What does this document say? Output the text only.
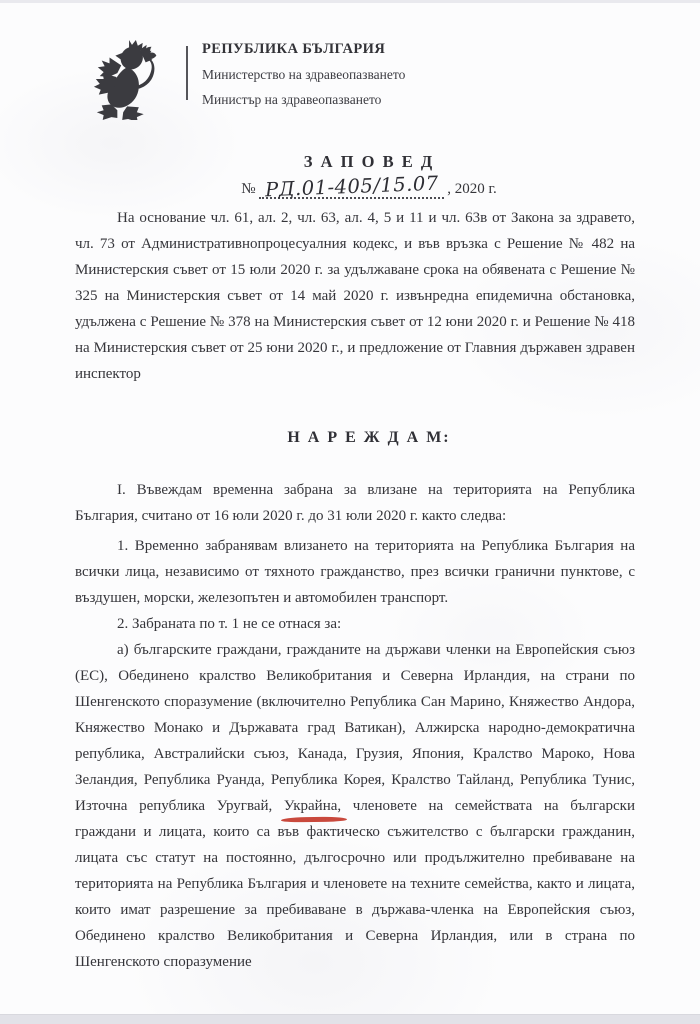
РЕПУБЛИКА БЪЛГАРИЯ
Министерство на здравеопазването
Министър на здравеопазването
З А П О В Е Д
№ РД.01-405/15.07 , 2020 г.

На основание чл. 61, ал. 2, чл. 63, ал. 4, 5 и 11 и чл. 63в от Закона за здравето, чл. 73 от Административнопроцесуалния кодекс, и във връзка с Решение № 482 на Министерския съвет от 15 юли 2020 г. за удължаване срока на обявената с Решение № 325 на Министерския съвет от 14 май 2020 г. извънредна епидемична обстановка, удължена с Решение № 378 на Министерския съвет от 12 юни 2020 г. и Решение № 418 на Министерския съвет от 25 юни 2020 г., и предложение от Главния държавен здравен инспектор

Н А Р Е Ж Д А М:

I. Въвеждам временна забрана за влизане на територията на Република България, считано от 16 юли 2020 г. до 31 юли 2020 г. както следва:

1. Временно забранявам влизането на територията на Република България на всички лица, независимо от тяхното гражданство, през всички гранични пунктове, с въздушен, морски, железопътен и автомобилен транспорт.

2. Забраната по т. 1 не се отнася за:

а) българските граждани, гражданите на държави членки на Европейския съюз (ЕС), Обединено кралство Великобритания и Северна Ирландия, на страни по Шенгенското споразумение (включително Република Сан Марино, Княжество Андора, Княжество Монако и Държавата град Ватикан), Алжирска народно-демократична република, Австралийски съюз, Канада, Грузия, Япония, Кралство Мароко, Нова Зеландия, Република Руанда, Република Корея, Кралство Тайланд, Република Тунис, Източна република Уругвай, Украйна, членовете на семействата на български граждани и лицата, които са във фактическо съжителство с български гражданин, лицата със статут на постоянно, дългосрочно или продължително пребиваване на територията на Република България и членовете на техните семейства, както и лицата, които имат разрешение за пребиваване в държава-членка на Европейския съюз, Обединено кралство Великобритания и Северна Ирландия, или в страна по Шенгенското споразумение
